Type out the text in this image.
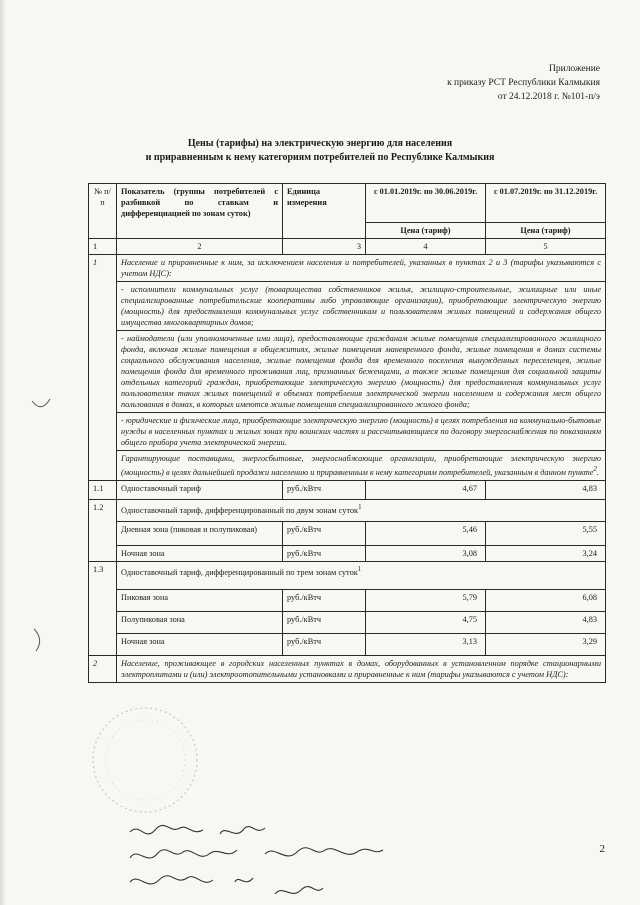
Приложение
к приказу РСТ Республики Калмыкия
от 24.12.2018 г. №101-п/э
Цены (тарифы) на электрическую энергию для населения
и приравненным к нему категориям потребителей по Республике Калмыкия
№ п/п	Показатель (группы потребителей с разбивкой по ставкам и дифференциацией по зонам суток)	Единица измерения	с 01.01.2019г. по 30.06.2019г.	с 01.07.2019г. по 31.12.2019г.
			Цена (тариф)	Цена (тариф)
1	2	3	4	5
1	Население и приравненные к ним, за исключением населения и потребителей, указанных в пунктах 2 и 3 (тарифы указываются с учетом НДС):			
	- исполнители коммунальных услуг (товарищества собственников жилья, жилищно-строительные, жилищные или иные специализированные потребительские кооперативы либо управляющие организации), приобретающие электрическую энергию (мощность) для предоставления коммунальных услуг собственникам и пользователям жилых помещений и содержания общего имущества многоквартирных домов;			
	- наймодатели (или уполномоченные ими лица), предоставляющие гражданам жилые помещения специализированного жилищного фонда, включая жилые помещения в общежитиях, жилые помещения маневренного фонда, жилые помещения в домах системы социального обслуживания населения, жилые помещения фонда для временного поселения вынужденных переселенцев, жилые помещения фонда для временного проживания лиц, признанных беженцами, а также жилые помещения для социальной защиты отдельных категорий граждан, приобретающие электрическую энергию (мощность) для предоставления коммунальных услуг пользователям таких жилых помещений в объемах потребления электрической энергии населением и содержания мест общего пользования в домах, в которых имеются жилые помещения специализированного жилого фонда;			
	- юридические и физические лица, приобретающие электрическую энергию (мощность) в целях потребления на коммунально-бытовые нужды в населенных пунктах и жилых зонах при воинских частях и рассчитывающиеся по договору энергоснабжения по показаниям общего прибора учета электрической энергии.			
	Гарантирующие поставщики, энергосбытовые, энергоснабжающие организации, приобретающие электрическую энергию (мощность) в целях дальнейшей продажи населению и приравненным к нему категориям потребителей, указанным в данном пункте$^2$.			
1.1	Одноставочный тариф	руб./кВтч	4,67	4,83
1.2	Одноставочный тариф, дифференцированный по двум зонам суток$^1$
	Дневная зона (пиковая и полупиковая)	руб./кВтч	5,46	5,55
	Ночная зона	руб./кВтч	3,08	3,24
1.3	Одноставочный тариф, дифференцированный по трем зонам суток$^1$
	Пиковая зона	руб./кВтч	5,79	6,08
	Полупиковая зона	руб./кВтч	4,75	4,83
	Ночная зона	руб./кВтч	3,13	3,29
2	Население, проживающее в городских населенных пунктах в домах, оборудованных в установленном порядке стационарными электроплитами и (или) электроотопительными установками и приравненные к ним (тарифы указываются с учетом НДС):			
2
